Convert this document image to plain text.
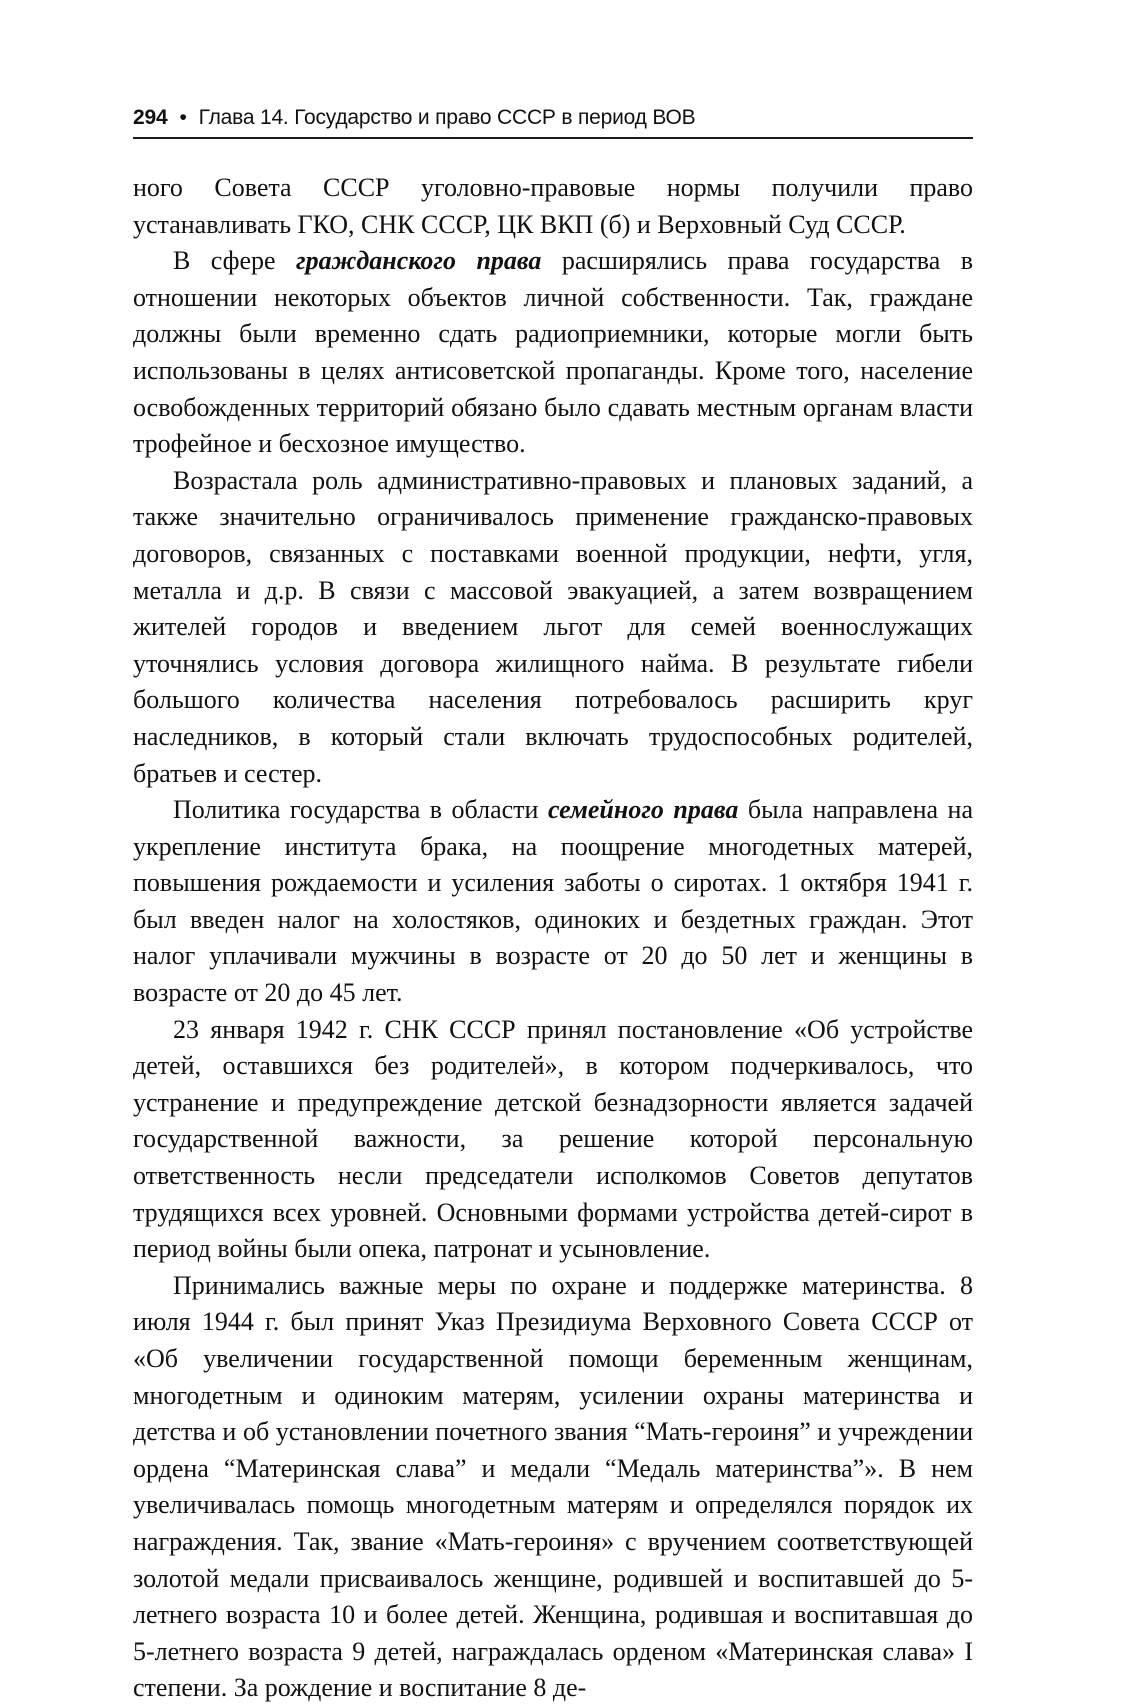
294 • Глава 14. Государство и право СССР в период ВОВ

ного Совета СССР уголовно-правовые нормы получили право устанавливать ГКО, СНК СССР, ЦК ВКП (б) и Верховный Суд СССР.

В сфере гражданского права расширялись права государства в отношении некоторых объектов личной собственности. Так, граждане должны были временно сдать радиоприемники, которые могли быть использованы в целях антисоветской пропаганды. Кроме того, население освобожденных территорий обязано было сдавать местным органам власти трофейное и бесхозное имущество.

Возрастала роль административно-правовых и плановых заданий, а также значительно ограничивалось применение гражданско-правовых договоров, связанных с поставками военной продукции, нефти, угля, металла и д.р. В связи с массовой эвакуацией, а затем возвращением жителей городов и введением льгот для семей военнослужащих уточнялись условия договора жилищного найма. В результате гибели большого количества населения потребовалось расширить круг наследников, в который стали включать трудоспособных родителей, братьев и сестер.

Политика государства в области семейного права была направлена на укрепление института брака, на поощрение многодетных матерей, повышения рождаемости и усиления заботы о сиротах. 1 октября 1941 г. был введен налог на холостяков, одиноких и бездетных граждан. Этот налог уплачивали мужчины в возрасте от 20 до 50 лет и женщины в возрасте от 20 до 45 лет.

23 января 1942 г. СНК СССР принял постановление «Об устройстве детей, оставшихся без родителей», в котором подчеркивалось, что устранение и предупреждение детской безнадзорности является задачей государственной важности, за решение которой персональную ответственность несли председатели исполкомов Советов депутатов трудящихся всех уровней. Основными формами устройства детей-сирот в период войны были опека, патронат и усыновление.

Принимались важные меры по охране и поддержке материнства. 8 июля 1944 г. был принят Указ Президиума Верховного Совета СССР от «Об увеличении государственной помощи беременным женщинам, многодетным и одиноким матерям, усилении охраны материнства и детства и об установлении почетного звания “Мать-героиня” и учреждении ордена “Материнская слава” и медали “Медаль материнства”». В нем увеличивалась помощь многодетным матерям и определялся порядок их награждения. Так, звание «Мать-героиня» с вручением соответствующей золотой медали присваивалось женщине, родившей и воспитавшей до 5-летнего возраста 10 и более детей. Женщина, родившая и воспитавшая до 5-летнего возраста 9 детей, награждалась орденом «Материнская слава» I степени. За рождение и воспитание 8 де-
